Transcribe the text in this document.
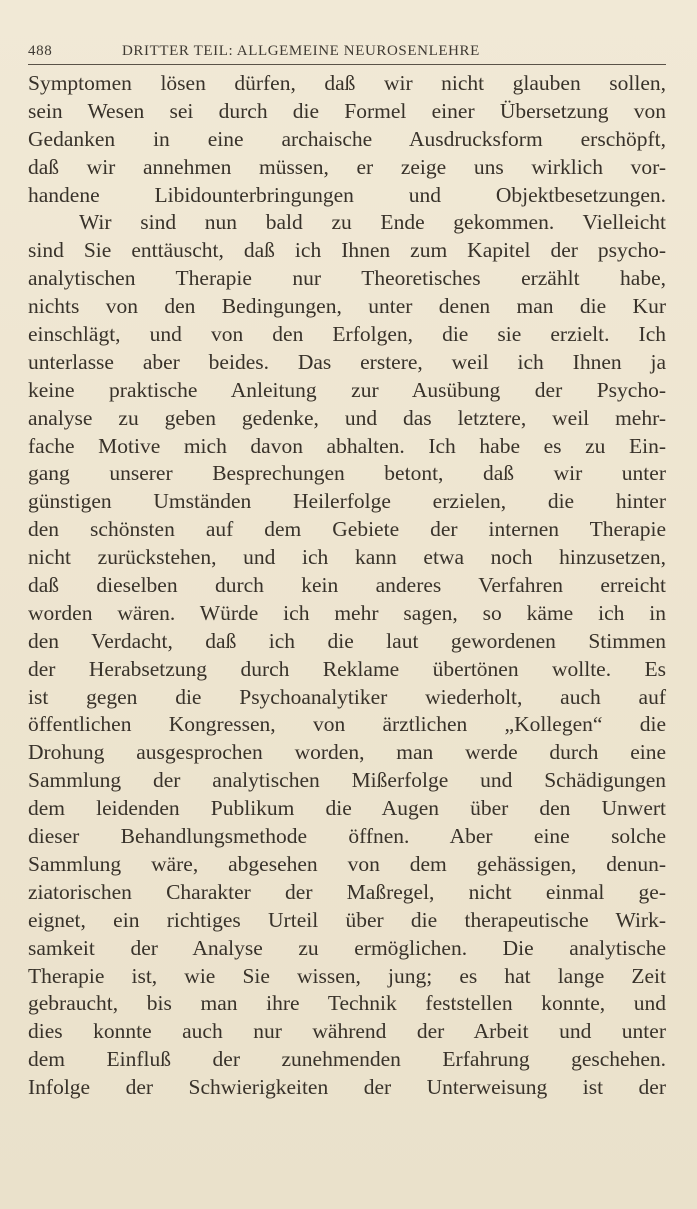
488	DRITTER TEIL: ALLGEMEINE NEUROSENLEHRE
Symptomen lösen dürfen, daß wir nicht glauben sollen,
sein Wesen sei durch die Formel einer Übersetzung von
Gedanken in eine archaische Ausdrucksform erschöpft,
daß wir annehmen müssen, er zeige uns wirklich vor-
handene Libidounterbringungen und Objektbesetzungen.
Wir sind nun bald zu Ende gekommen. Vielleicht
sind Sie enttäuscht, daß ich Ihnen zum Kapitel der psycho-
analytischen Therapie nur Theoretisches erzählt habe,
nichts von den Bedingungen, unter denen man die Kur
einschlägt, und von den Erfolgen, die sie erzielt. Ich
unterlasse aber beides. Das erstere, weil ich Ihnen ja
keine praktische Anleitung zur Ausübung der Psycho-
analyse zu geben gedenke, und das letztere, weil mehr-
fache Motive mich davon abhalten. Ich habe es zu Ein-
gang unserer Besprechungen betont, daß wir unter
günstigen Umständen Heilerfolge erzielen, die hinter
den schönsten auf dem Gebiete der internen Therapie
nicht zurückstehen, und ich kann etwa noch hinzusetzen,
daß dieselben durch kein anderes Verfahren erreicht
worden wären. Würde ich mehr sagen, so käme ich in
den Verdacht, daß ich die laut gewordenen Stimmen
der Herabsetzung durch Reklame übertönen wollte. Es
ist gegen die Psychoanalytiker wiederholt, auch auf
öffentlichen Kongressen, von ärztlichen „Kollegen“ die
Drohung ausgesprochen worden, man werde durch eine
Sammlung der analytischen Mißerfolge und Schädigungen
dem leidenden Publikum die Augen über den Unwert
dieser Behandlungsmethode öffnen. Aber eine solche
Sammlung wäre, abgesehen von dem gehässigen, denun-
ziatorischen Charakter der Maßregel, nicht einmal ge-
eignet, ein richtiges Urteil über die therapeutische Wirk-
samkeit der Analyse zu ermöglichen. Die analytische
Therapie ist, wie Sie wissen, jung; es hat lange Zeit
gebraucht, bis man ihre Technik feststellen konnte, und
dies konnte auch nur während der Arbeit und unter
dem Einfluß der zunehmenden Erfahrung geschehen.
Infolge der Schwierigkeiten der Unterweisung ist der
